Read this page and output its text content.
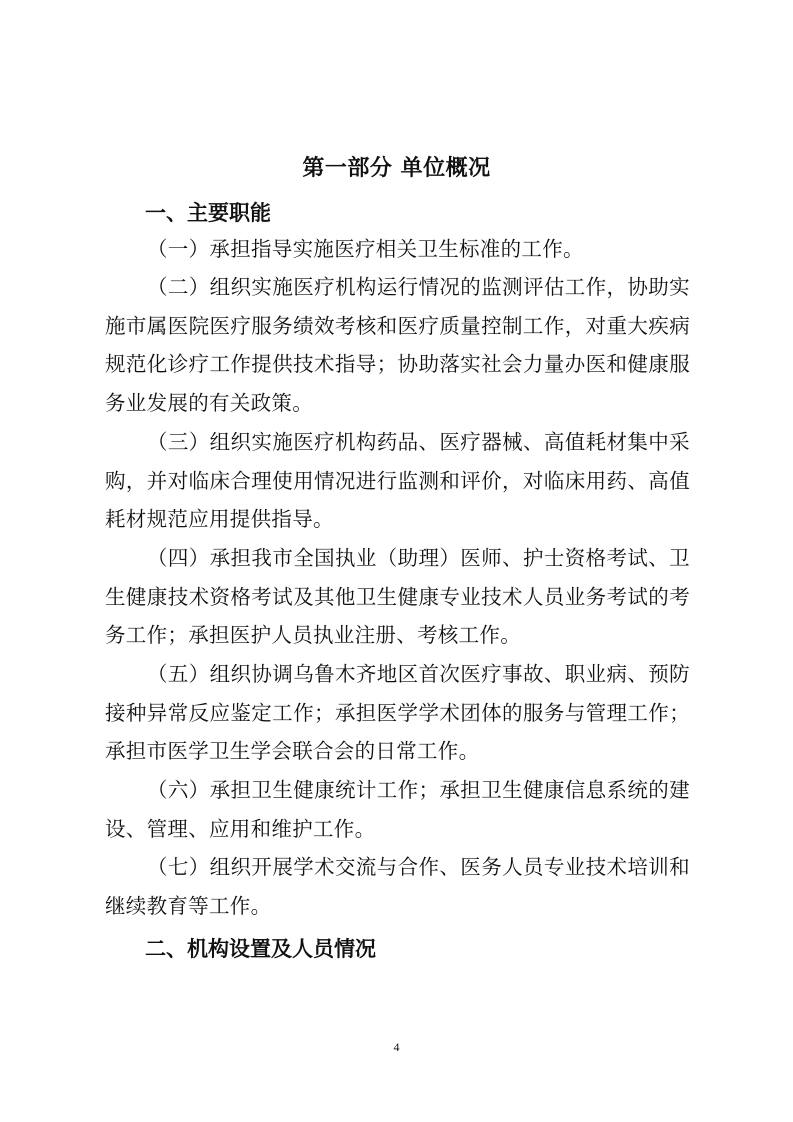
第一部分 单位概况
一、主要职能

（一）承担指导实施医疗相关卫生标准的工作。

（二）组织实施医疗机构运行情况的监测评估工作，协助实施市属医院医疗服务绩效考核和医疗质量控制工作，对重大疾病规范化诊疗工作提供技术指导；协助落实社会力量办医和健康服务业发展的有关政策。

（三）组织实施医疗机构药品、医疗器械、高值耗材集中采购，并对临床合理使用情况进行监测和评价，对临床用药、高值耗材规范应用提供指导。

（四）承担我市全国执业（助理）医师、护士资格考试、卫生健康技术资格考试及其他卫生健康专业技术人员业务考试的考务工作；承担医护人员执业注册、考核工作。

（五）组织协调乌鲁木齐地区首次医疗事故、职业病、预防接种异常反应鉴定工作；承担医学学术团体的服务与管理工作；承担市医学卫生学会联合会的日常工作。

（六）承担卫生健康统计工作；承担卫生健康信息系统的建设、管理、应用和维护工作。

（七）组织开展学术交流与合作、医务人员专业技术培训和继续教育等工作。

二、机构设置及人员情况
4
